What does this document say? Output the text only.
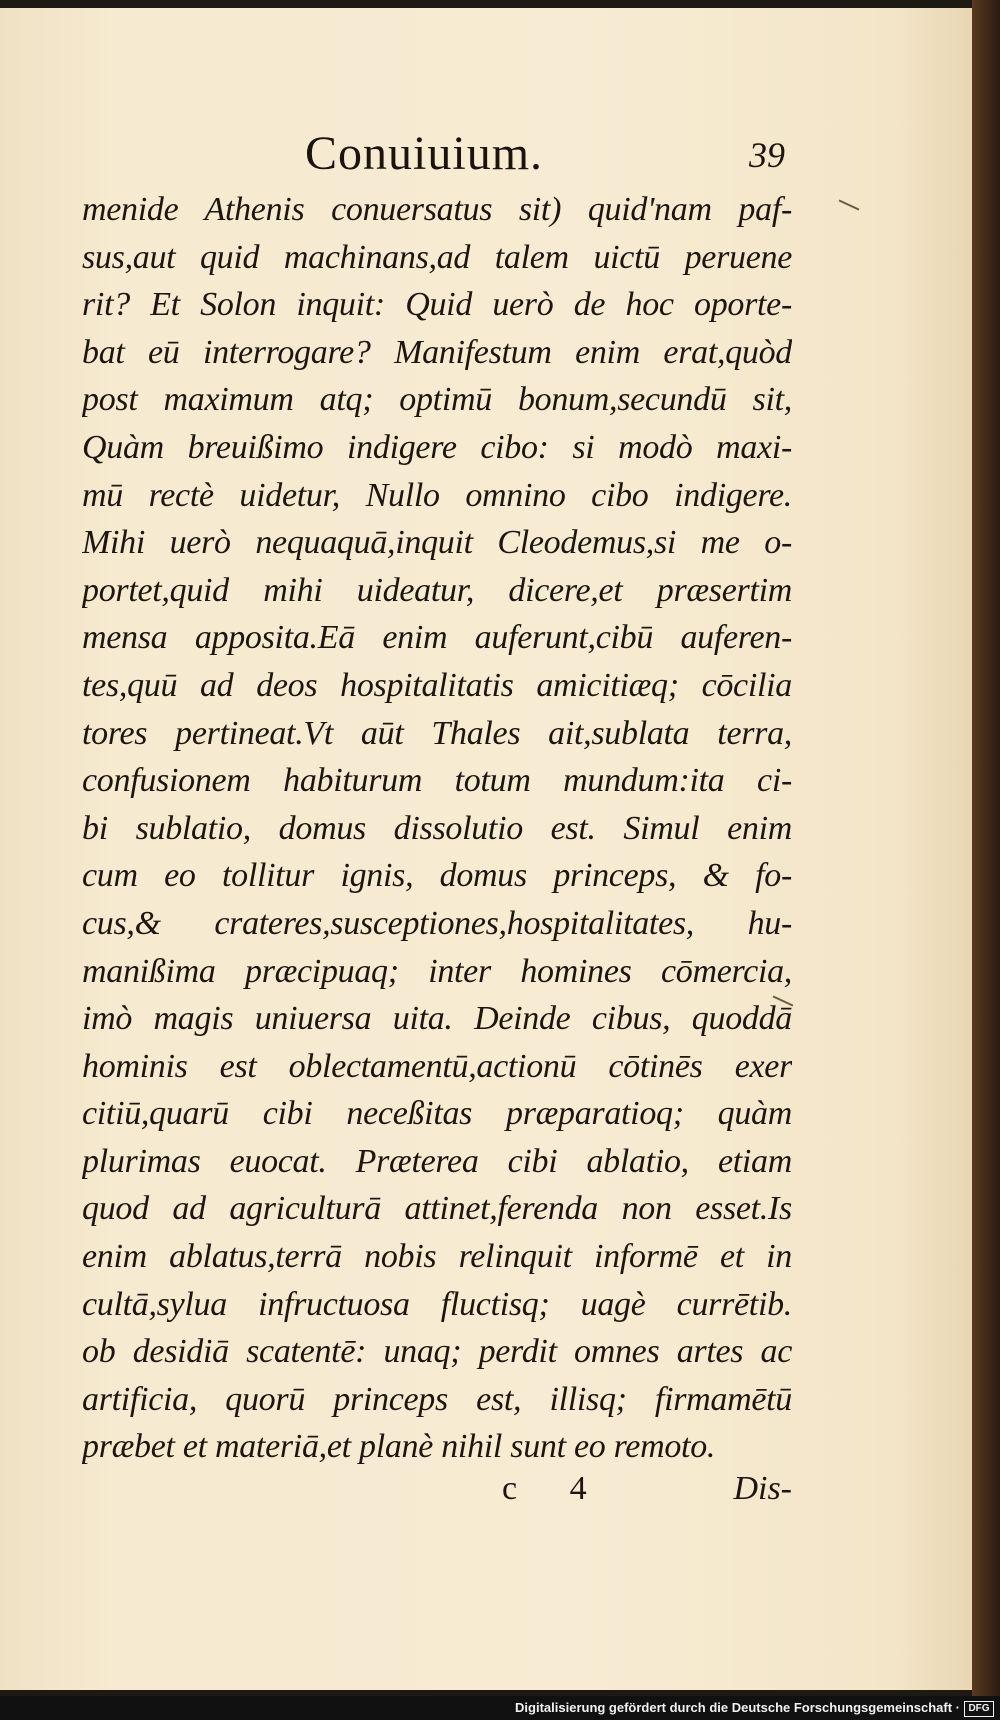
Conuiuium.	39
menide Athenis conuersatus sit) quid'nam paf-
sus,aut quid machinans,ad talem uictū peruene
rit? Et Solon inquit: Quid uerò de hoc oporte-
bat eū interrogare? Manifestum enim erat,quòd
post maximum atq; optimū bonum,secundū sit,
Quàm breuißimo indigere cibo: si modò maxi-
mū rectè uidetur, Nullo omnino cibo indigere.
Mihi uerò nequaquā,inquit Cleodemus,si me o-
portet,quid mihi uideatur, dicere,et præsertim
mensa apposita.Eā enim auferunt,cibū auferen-
tes,quū ad deos hospitalitatis amicitiæq; cōcilia
tores pertineat.Vt aūt Thales ait,sublata terra,
confusionem habiturum totum mundum:ita ci-
bi sublatio, domus dissolutio est. Simul enim
cum eo tollitur ignis, domus princeps, & fo-
cus,& crateres,susceptiones,hospitalitates, hu-
manißima præcipuaq; inter homines cōmercia,
imò magis uniuersa uita. Deinde cibus, quoddā
hominis est oblectamentū,actionū cōtinēs exer
citiū,quarū cibi neceßitas præparatioq; quàm
plurimas euocat. Præterea cibi ablatio, etiam
quod ad agriculturā attinet,ferenda non esset.Is
enim ablatus,terrā nobis relinquit informē et in
cultā,sylua infructuosa fluctisq; uagè currētib.
ob desidiā scatentē: unaq; perdit omnes artes ac
artificia, quorū princeps est, illisq; firmamētū
præbet et materiā,et planè nihil sunt eo remoto.
c 4	Dis-
Digitalisierung gefördert durch die Deutsche Forschungsgemeinschaft · DFG
